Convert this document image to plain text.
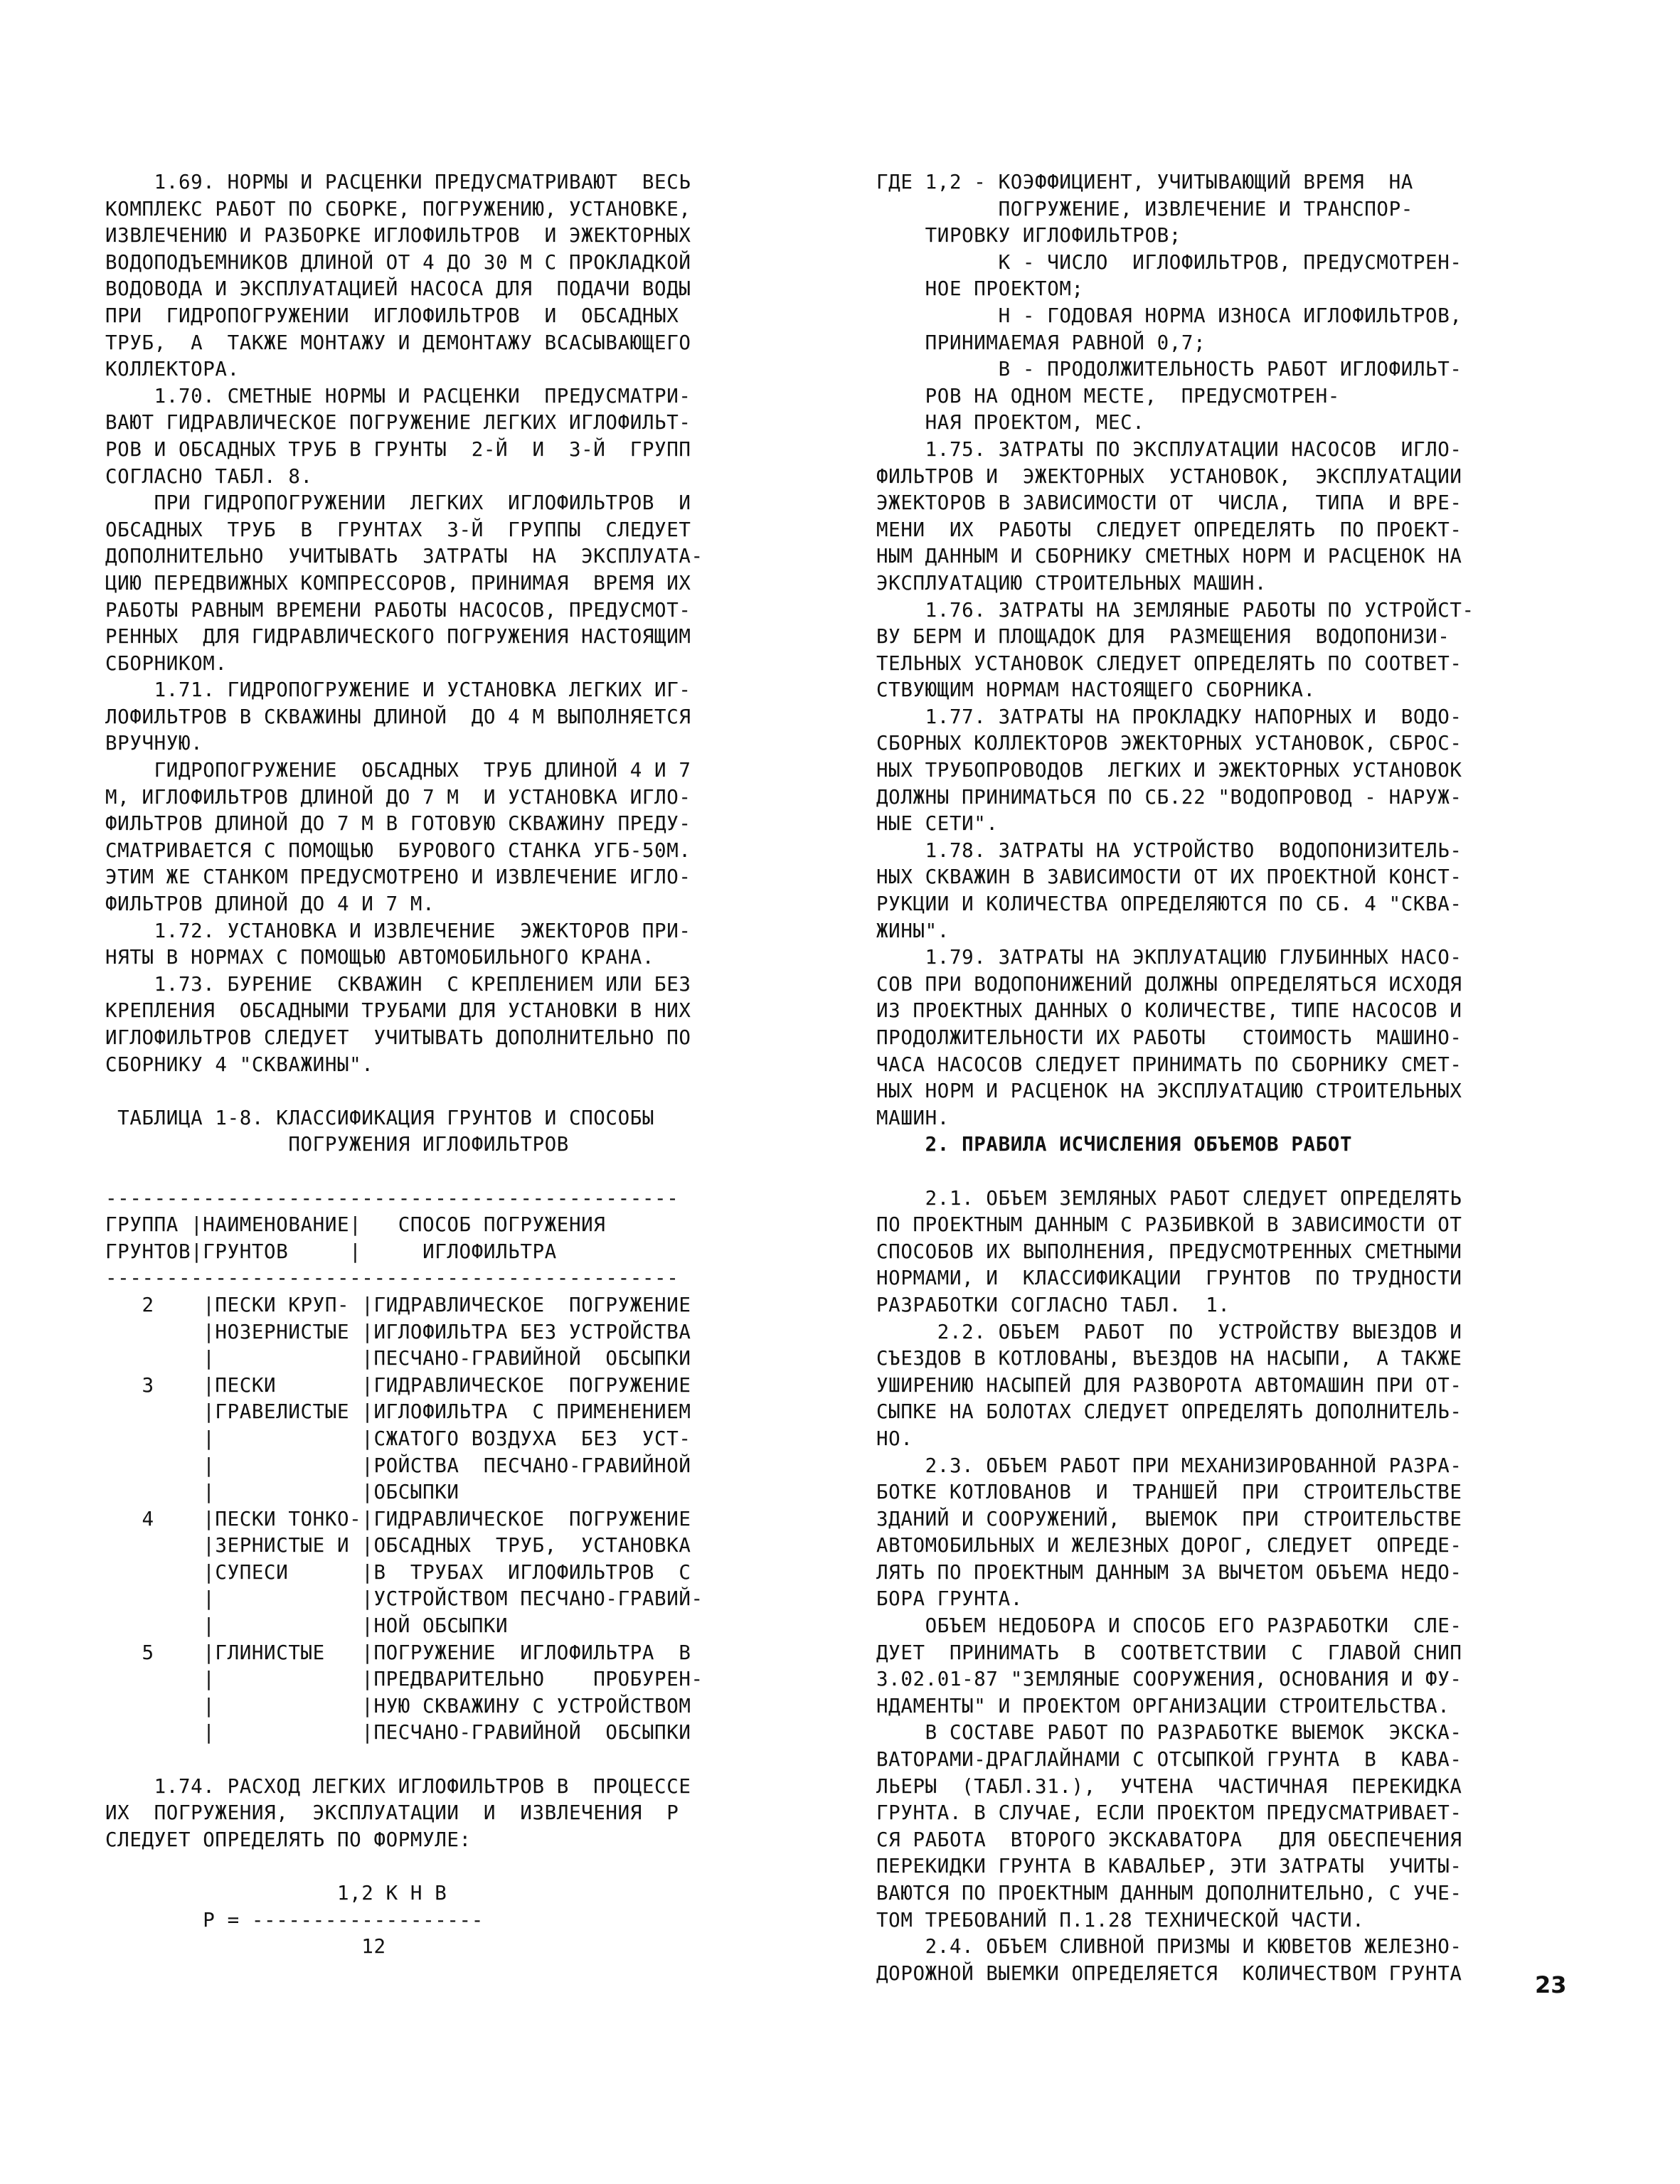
1.69. НОРМЫ И РАСЦЕНКИ ПРЕДУСМАТРИВАЮТ  ВЕСЬ
КОМПЛЕКС РАБОТ ПО СБОРКЕ, ПОГРУЖЕНИЮ, УСТАНОВКЕ,
ИЗВЛЕЧЕНИЮ И РАЗБОРКЕ ИГЛОФИЛЬТРОВ  И ЭЖЕКТОРНЫХ
ВОДОПОДЪЕМНИКОВ ДЛИНОЙ ОТ 4 ДО 30 М С ПРОКЛАДКОЙ
ВОДОВОДА И ЭКСПЛУАТАЦИЕЙ НАСОСА ДЛЯ  ПОДАЧИ ВОДЫ
ПРИ  ГИДРОПОГРУЖЕНИИ  ИГЛОФИЛЬТРОВ  И  ОБСАДНЫХ
ТРУБ,  А  ТАКЖЕ МОНТАЖУ И ДЕМОНТАЖУ ВСАСЫВАЮЩЕГО
КОЛЛЕКТОРА.
1.70. СМЕТНЫЕ НОРМЫ И РАСЦЕНКИ  ПРЕДУСМАТРИ-
ВАЮТ ГИДРАВЛИЧЕСКОЕ ПОГРУЖЕНИЕ ЛЕГКИХ ИГЛОФИЛЬТ-
РОВ И ОБСАДНЫХ ТРУБ В ГРУНТЫ  2-Й  И  3-Й  ГРУПП
СОГЛАСНО ТАБЛ. 8.
ПРИ ГИДРОПОГРУЖЕНИИ  ЛЕГКИХ  ИГЛОФИЛЬТРОВ  И
ОБСАДНЫХ  ТРУБ  В  ГРУНТАХ  3-Й  ГРУППЫ  СЛЕДУЕТ
ДОПОЛНИТЕЛЬНО  УЧИТЫВАТЬ  ЗАТРАТЫ  НА  ЭКСПЛУАТА-
ЦИЮ ПЕРЕДВИЖНЫХ КОМПРЕССОРОВ, ПРИНИМАЯ  ВРЕМЯ ИХ
РАБОТЫ РАВНЫМ ВРЕМЕНИ РАБОТЫ НАСОСОВ, ПРЕДУСМОТ-
РЕННЫХ  ДЛЯ ГИДРАВЛИЧЕСКОГО ПОГРУЖЕНИЯ НАСТОЯЩИМ
СБОРНИКОМ.
1.71. ГИДРОПОГРУЖЕНИЕ И УСТАНОВКА ЛЕГКИХ ИГ-
ЛОФИЛЬТРОВ В СКВАЖИНЫ ДЛИНОЙ  ДО 4 М ВЫПОЛНЯЕТСЯ
ВРУЧНУЮ.
ГИДРОПОГРУЖЕНИЕ  ОБСАДНЫХ  ТРУБ ДЛИНОЙ 4 И 7
М, ИГЛОФИЛЬТРОВ ДЛИНОЙ ДО 7 М  И УСТАНОВКА ИГЛО-
ФИЛЬТРОВ ДЛИНОЙ ДО 7 М В ГОТОВУЮ СКВАЖИНУ ПРЕДУ-
СМАТРИВАЕТСЯ С ПОМОЩЬЮ  БУРОВОГО СТАНКА УГБ-50М.
ЭТИМ ЖЕ СТАНКОМ ПРЕДУСМОТРЕНО И ИЗВЛЕЧЕНИЕ ИГЛО-
ФИЛЬТРОВ ДЛИНОЙ ДО 4 И 7 М.
1.72. УСТАНОВКА И ИЗВЛЕЧЕНИЕ  ЭЖЕКТОРОВ ПРИ-
НЯТЫ В НОРМАХ С ПОМОЩЬЮ АВТОМОБИЛЬНОГО КРАНА.
1.73. БУРЕНИЕ  СКВАЖИН  С КРЕПЛЕНИЕМ ИЛИ БЕЗ
КРЕПЛЕНИЯ  ОБСАДНЫМИ ТРУБАМИ ДЛЯ УСТАНОВКИ В НИХ
ИГЛОФИЛЬТРОВ СЛЕДУЕТ  УЧИТЫВАТЬ ДОПОЛНИТЕЛЬНО ПО
СБОРНИКУ 4 "СКВАЖИНЫ".
ТАБЛИЦА 1-8. КЛАССИФИКАЦИЯ ГРУНТОВ И СПОСОБЫ
ПОГРУЖЕНИЯ ИГЛОФИЛЬТРОВ
-----------------------------------------------
ГРУППА |НАИМЕНОВАНИЕ|   СПОСОБ ПОГРУЖЕНИЯ
ГРУНТОВ|ГРУНТОВ     |     ИГЛОФИЛЬТРА
-----------------------------------------------
2    |ПЕСКИ КРУП- |ГИДРАВЛИЧЕСКОЕ  ПОГРУЖЕНИЕ
|НОЗЕРНИСТЫЕ |ИГЛОФИЛЬТРА БЕЗ УСТРОЙСТВА
|            |ПЕСЧАНО-ГРАВИЙНОЙ  ОБСЫПКИ
3    |ПЕСКИ       |ГИДРАВЛИЧЕСКОЕ  ПОГРУЖЕНИЕ
|ГРАВЕЛИСТЫЕ |ИГЛОФИЛЬТРА  С ПРИМЕНЕНИЕМ
|            |СЖАТОГО ВОЗДУХА  БЕЗ  УСТ-
|            |РОЙСТВА  ПЕСЧАНО-ГРАВИЙНОЙ
|            |ОБСЫПКИ
4    |ПЕСКИ ТОНКО-|ГИДРАВЛИЧЕСКОЕ  ПОГРУЖЕНИЕ
|ЗЕРНИСТЫЕ И |ОБСАДНЫХ  ТРУБ,  УСТАНОВКА
|СУПЕСИ      |В  ТРУБАХ  ИГЛОФИЛЬТРОВ  С
|            |УСТРОЙСТВОМ ПЕСЧАНО-ГРАВИЙ-
|            |НОЙ ОБСЫПКИ
5    |ГЛИНИСТЫЕ   |ПОГРУЖЕНИЕ  ИГЛОФИЛЬТРА  В
|            |ПРЕДВАРИТЕЛЬНО    ПРОБУРЕН-
|            |НУЮ СКВАЖИНУ С УСТРОЙСТВОМ
|            |ПЕСЧАНО-ГРАВИЙНОЙ  ОБСЫПКИ
1.74. РАСХОД ЛЕГКИХ ИГЛОФИЛЬТРОВ В  ПРОЦЕССЕ
ИХ  ПОГРУЖЕНИЯ,  ЭКСПЛУАТАЦИИ  И  ИЗВЛЕЧЕНИЯ  Р
СЛЕДУЕТ ОПРЕДЕЛЯТЬ ПО ФОРМУЛЕ:
1,2 К Н В
Р = -------------------
12
ГДЕ 1,2 - КОЭФФИЦИЕНТ, УЧИТЫВАЮЩИЙ ВРЕМЯ  НА
ПОГРУЖЕНИЕ, ИЗВЛЕЧЕНИЕ И ТРАНСПОР-
ТИРОВКУ ИГЛОФИЛЬТРОВ;
К - ЧИСЛО  ИГЛОФИЛЬТРОВ, ПРЕДУСМОТРЕН-
НОЕ ПРОЕКТОМ;
Н - ГОДОВАЯ НОРМА ИЗНОСА ИГЛОФИЛЬТРОВ,
ПРИНИМАЕМАЯ РАВНОЙ 0,7;
В - ПРОДОЛЖИТЕЛЬНОСТЬ РАБОТ ИГЛОФИЛЬТ-
РОВ НА ОДНОМ МЕСТЕ,  ПРЕДУСМОТРЕН-
НАЯ ПРОЕКТОМ, МЕС.
1.75. ЗАТРАТЫ ПО ЭКСПЛУАТАЦИИ НАСОСОВ  ИГЛО-
ФИЛЬТРОВ И  ЭЖЕКТОРНЫХ  УСТАНОВОК,  ЭКСПЛУАТАЦИИ
ЭЖЕКТОРОВ В ЗАВИСИМОСТИ ОТ  ЧИСЛА,  ТИПА  И ВРЕ-
МЕНИ  ИХ  РАБОТЫ  СЛЕДУЕТ ОПРЕДЕЛЯТЬ  ПО ПРОЕКТ-
НЫМ ДАННЫМ И СБОРНИКУ СМЕТНЫХ НОРМ И РАСЦЕНОК НА
ЭКСПЛУАТАЦИЮ СТРОИТЕЛЬНЫХ МАШИН.
1.76. ЗАТРАТЫ НА ЗЕМЛЯНЫЕ РАБОТЫ ПО УСТРОЙСТ-
ВУ БЕРМ И ПЛОЩАДОК ДЛЯ  РАЗМЕЩЕНИЯ  ВОДОПОНИЗИ-
ТЕЛЬНЫХ УСТАНОВОК СЛЕДУЕТ ОПРЕДЕЛЯТЬ ПО СООТВЕТ-
СТВУЮЩИМ НОРМАМ НАСТОЯЩЕГО СБОРНИКА.
1.77. ЗАТРАТЫ НА ПРОКЛАДКУ НАПОРНЫХ И  ВОДО-
СБОРНЫХ КОЛЛЕКТОРОВ ЭЖЕКТОРНЫХ УСТАНОВОК, СБРОС-
НЫХ ТРУБОПРОВОДОВ  ЛЕГКИХ И ЭЖЕКТОРНЫХ УСТАНОВОК
ДОЛЖНЫ ПРИНИМАТЬСЯ ПО СБ.22 "ВОДОПРОВОД - НАРУЖ-
НЫЕ СЕТИ".
1.78. ЗАТРАТЫ НА УСТРОЙСТВО  ВОДОПОНИЗИТЕЛЬ-
НЫХ СКВАЖИН В ЗАВИСИМОСТИ ОТ ИХ ПРОЕКТНОЙ КОНСТ-
РУКЦИИ И КОЛИЧЕСТВА ОПРЕДЕЛЯЮТСЯ ПО СБ. 4 "СКВА-
ЖИНЫ".
1.79. ЗАТРАТЫ НА ЭКПЛУАТАЦИЮ ГЛУБИННЫХ НАСО-
СОВ ПРИ ВОДОПОНИЖЕНИЙ ДОЛЖНЫ ОПРЕДЕЛЯТЬСЯ ИСХОДЯ
ИЗ ПРОЕКТНЫХ ДАННЫХ О КОЛИЧЕСТВЕ, ТИПЕ НАСОСОВ И
ПРОДОЛЖИТЕЛЬНОСТИ ИХ РАБОТЫ   СТОИМОСТЬ  МАШИНО-
ЧАСА НАСОСОВ СЛЕДУЕТ ПРИНИМАТЬ ПО СБОРНИКУ СМЕТ-
НЫХ НОРМ И РАСЦЕНОК НА ЭКСПЛУАТАЦИЮ СТРОИТЕЛЬНЫХ
МАШИН.
2. ПРАВИЛА ИСЧИСЛЕНИЯ ОБЪЕМОВ РАБОТ
2.1. ОБЪЕМ ЗЕМЛЯНЫХ РАБОТ СЛЕДУЕТ ОПРЕДЕЛЯТЬ
ПО ПРОЕКТНЫМ ДАННЫМ С РАЗБИВКОЙ В ЗАВИСИМОСТИ ОТ
СПОСОБОВ ИХ ВЫПОЛНЕНИЯ, ПРЕДУСМОТРЕННЫХ СМЕТНЫМИ
НОРМАМИ, И  КЛАССИФИКАЦИИ  ГРУНТОВ  ПО ТРУДНОСТИ
РАЗРАБОТКИ СОГЛАСНО ТАБЛ.  1.
2.2. ОБЪЕМ  РАБОТ  ПО  УСТРОЙСТВУ ВЫЕЗДОВ И
СЪЕЗДОВ В КОТЛОВАНЫ, ВЪЕЗДОВ НА НАСЫПИ,  А ТАКЖЕ
УШИРЕНИЮ НАСЫПЕЙ ДЛЯ РАЗВОРОТА АВТОМАШИН ПРИ ОТ-
СЫПКЕ НА БОЛОТАХ СЛЕДУЕТ ОПРЕДЕЛЯТЬ ДОПОЛНИТЕЛЬ-
НО.
2.3. ОБЪЕМ РАБОТ ПРИ МЕХАНИЗИРОВАННОЙ РАЗРА-
БОТКЕ КОТЛОВАНОВ  И  ТРАНШЕЙ  ПРИ  СТРОИТЕЛЬСТВЕ
ЗДАНИЙ И СООРУЖЕНИЙ,  ВЫЕМОК  ПРИ  СТРОИТЕЛЬСТВЕ
АВТОМОБИЛЬНЫХ И ЖЕЛЕЗНЫХ ДОРОГ, СЛЕДУЕТ  ОПРЕДЕ-
ЛЯТЬ ПО ПРОЕКТНЫМ ДАННЫМ ЗА ВЫЧЕТОМ ОБЪЕМА НЕДО-
БОРА ГРУНТА.
ОБЪЕМ НЕДОБОРА И СПОСОБ ЕГО РАЗРАБОТКИ  СЛЕ-
ДУЕТ  ПРИНИМАТЬ  В  СООТВЕТСТВИИ  С  ГЛАВОЙ СНИП
3.02.01-87 "ЗЕМЛЯНЫЕ СООРУЖЕНИЯ, ОСНОВАНИЯ И ФУ-
НДАМЕНТЫ" И ПРОЕКТОМ ОРГАНИЗАЦИИ СТРОИТЕЛЬСТВА.
В СОСТАВЕ РАБОТ ПО РАЗРАБОТКЕ ВЫЕМОК  ЭКСКА-
ВАТОРАМИ-ДРАГЛАЙНАМИ С ОТСЫПКОЙ ГРУНТА  В  КАВА-
ЛЬЕРЫ  (ТАБЛ.31.),  УЧТЕНА  ЧАСТИЧНАЯ  ПЕРЕКИДКА
ГРУНТА. В СЛУЧАЕ, ЕСЛИ ПРОЕКТОМ ПРЕДУСМАТРИВАЕТ-
СЯ РАБОТА  ВТОРОГО ЭКСКАВАТОРА   ДЛЯ ОБЕСПЕЧЕНИЯ
ПЕРЕКИДКИ ГРУНТА В КАВАЛЬЕР, ЭТИ ЗАТРАТЫ  УЧИТЫ-
ВАЮТСЯ ПО ПРОЕКТНЫМ ДАННЫМ ДОПОЛНИТЕЛЬНО, С УЧЕ-
ТОМ ТРЕБОВАНИЙ П.1.28 ТЕХНИЧЕСКОЙ ЧАСТИ.
2.4. ОБЪЕМ СЛИВНОЙ ПРИЗМЫ И КЮВЕТОВ ЖЕЛЕЗНО-
ДОРОЖНОЙ ВЫЕМКИ ОПРЕДЕЛЯЕТСЯ  КОЛИЧЕСТВОМ ГРУНТА	23
